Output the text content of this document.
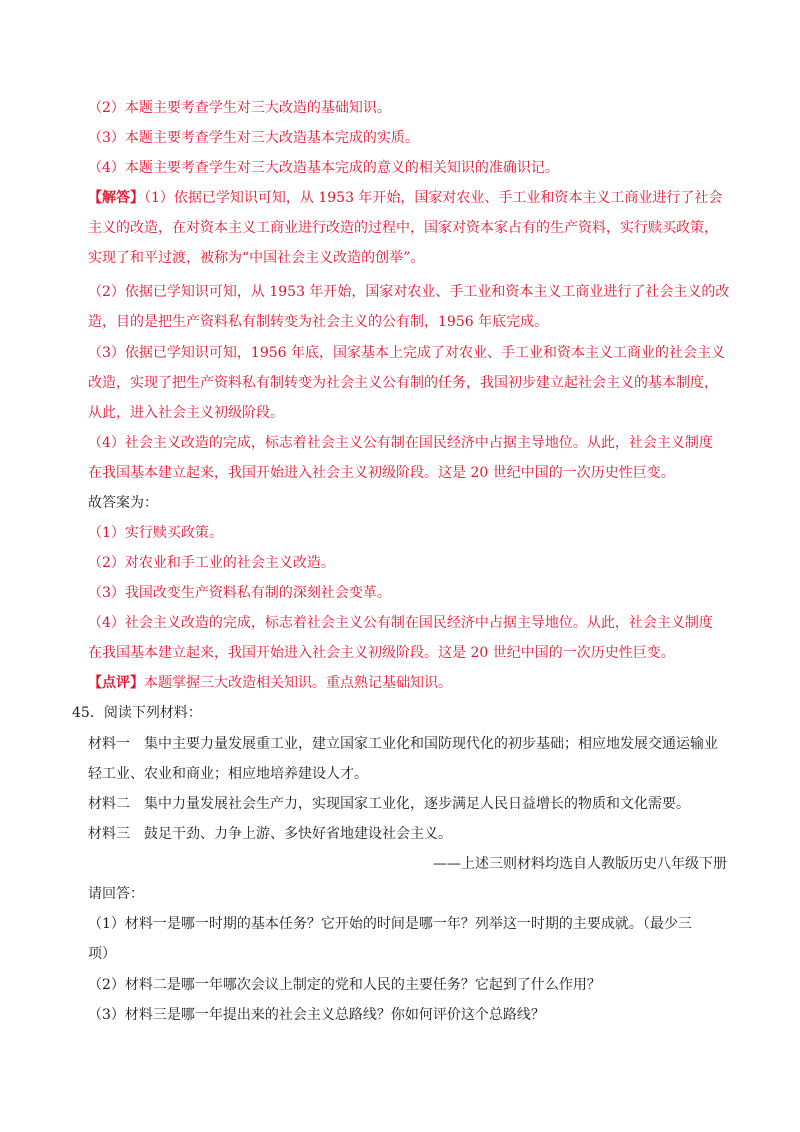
（2）本题主要考查学生对三大改造的基础知识。
（3）本题主要考查学生对三大改造基本完成的实质。
（4）本题主要考查学生对三大改造基本完成的意义的相关知识的准确识记。
【解答】（1）依据已学知识可知，从 1953 年开始，国家对农业、手工业和资本主义工商业进行了社会
主义的改造，在对资本主义工商业进行改造的过程中，国家对资本家占有的生产资料，实行赎买政策，
实现了和平过渡，被称为“中国社会主义改造的创举”。
（2）依据已学知识可知，从 1953 年开始，国家对农业、手工业和资本主义工商业进行了社会主义的改
造，目的是把生产资料私有制转变为社会主义的公有制，1956 年底完成。
（3）依据已学知识可知，1956 年底，国家基本上完成了对农业、手工业和资本主义工商业的社会主义
改造，实现了把生产资料私有制转变为社会主义公有制的任务，我国初步建立起社会主义的基本制度，
从此，进入社会主义初级阶段。
（4）社会主义改造的完成，标志着社会主义公有制在国民经济中占据主导地位。从此，社会主义制度
在我国基本建立起来，我国开始进入社会主义初级阶段。这是 20 世纪中国的一次历史性巨变。
故答案为：
（1）实行赎买政策。
（2）对农业和手工业的社会主义改造。
（3）我国改变生产资料私有制的深刻社会变革。
（4）社会主义改造的完成，标志着社会主义公有制在国民经济中占据主导地位。从此，社会主义制度
在我国基本建立起来，我国开始进入社会主义初级阶段。这是 20 世纪中国的一次历史性巨变。
【点评】本题掌握三大改造相关知识。重点熟记基础知识。
45．阅读下列材料：
材料一　集中主要力量发展重工业，建立国家工业化和国防现代化的初步基础；相应地发展交通运输业
轻工业、农业和商业；相应地培养建设人才。
材料二　集中力量发展社会生产力，实现国家工业化，逐步满足人民日益增长的物质和文化需要。
材料三　鼓足干劲、力争上游、多快好省地建设社会主义。
——上述三则材料均选自人教版历史八年级下册
请回答：
（1）材料一是哪一时期的基本任务？它开始的时间是哪一年？列举这一时期的主要成就。（最少三
项）
（2）材料二是哪一年哪次会议上制定的党和人民的主要任务？它起到了什么作用？
（3）材料三是哪一年提出来的社会主义总路线？你如何评价这个总路线？
